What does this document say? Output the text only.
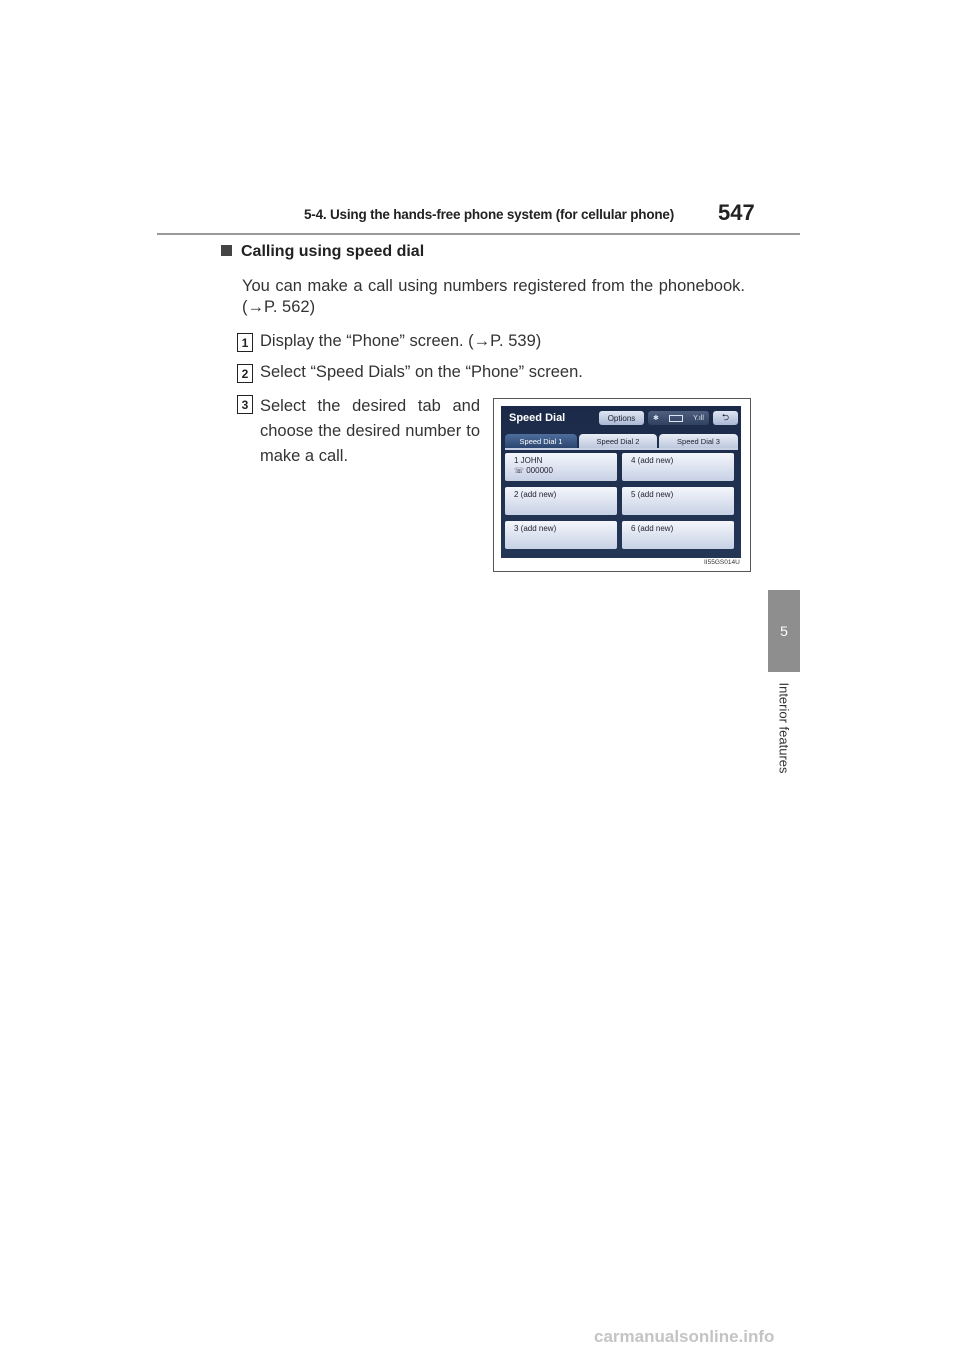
5-4. Using the hands-free phone system (for cellular phone) 547
5
Interior features
Calling using speed dial
You can make a call using numbers registered from the phonebook.
(→P. 562)
1 Display the “Phone” screen. (→P. 539)
2 Select “Speed Dials” on the “Phone” screen.
3 Select the desired tab and
choose the desired number to
make a call.
Speed Dial	Options	✱	Y.ıll ⮌
Speed Dial 1	Speed Dial 2	Speed Dial 3
1 JOHN
☏ 000000
4 (add new)
2 (add new)	5 (add new)
3 (add new)	6 (add new)
II55GS014U
carmanualsonline.info
